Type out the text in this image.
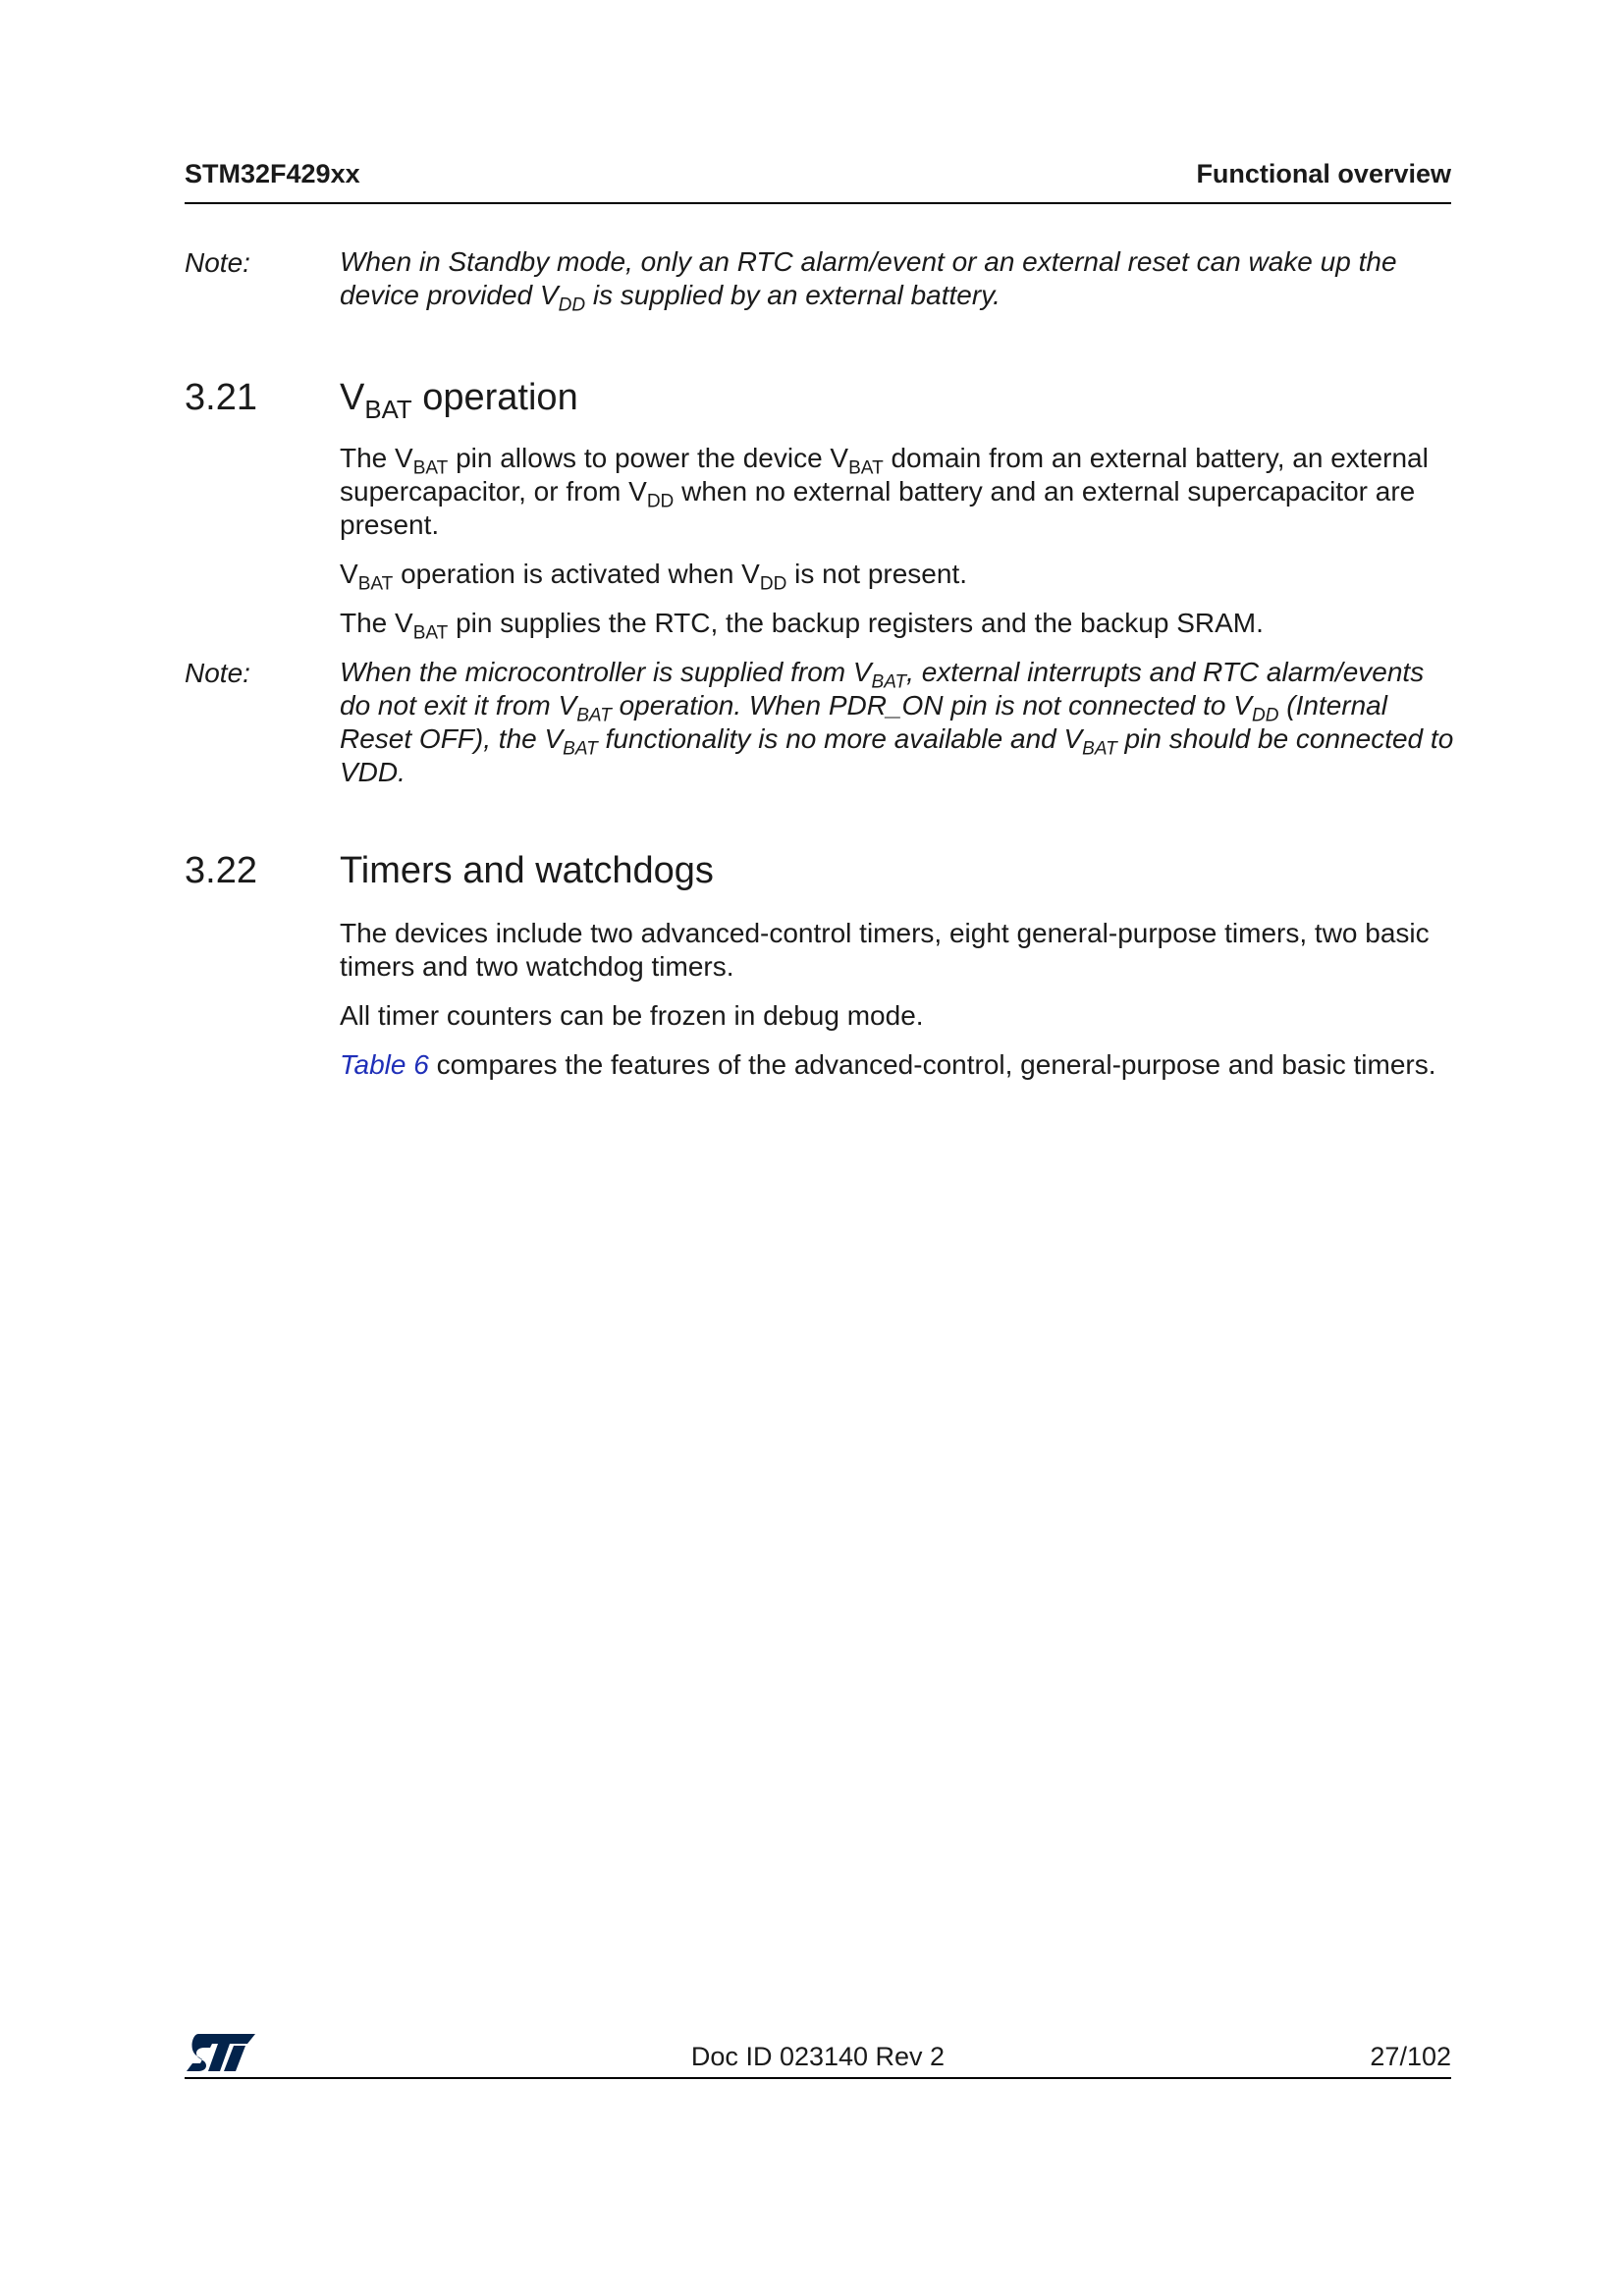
STM32F429xx	Functional overview
Note:	When in Standby mode, only an RTC alarm/event or an external reset can wake up the device provided $V_{DD}$ is supplied by an external battery.
3.21 $V_{BAT}$ operation
The $V_{BAT}$ pin allows to power the device $V_{BAT}$ domain from an external battery, an external supercapacitor, or from $V_{DD}$ when no external battery and an external supercapacitor are present.
$V_{BAT}$ operation is activated when $V_{DD}$ is not present.
The $V_{BAT}$ pin supplies the RTC, the backup registers and the backup SRAM.
Note:	When the microcontroller is supplied from $V_{BAT}$, external interrupts and RTC alarm/events do not exit it from $V_{BAT}$ operation. When PDR_ON pin is not connected to $V_{DD}$ (Internal Reset OFF), the $V_{BAT}$ functionality is no more available and $V_{BAT}$ pin should be connected to VDD.
3.22 Timers and watchdogs
The devices include two advanced-control timers, eight general-purpose timers, two basic timers and two watchdog timers.
All timer counters can be frozen in debug mode.
Table 6 compares the features of the advanced-control, general-purpose and basic timers.
Doc ID 023140 Rev 2	27/102
